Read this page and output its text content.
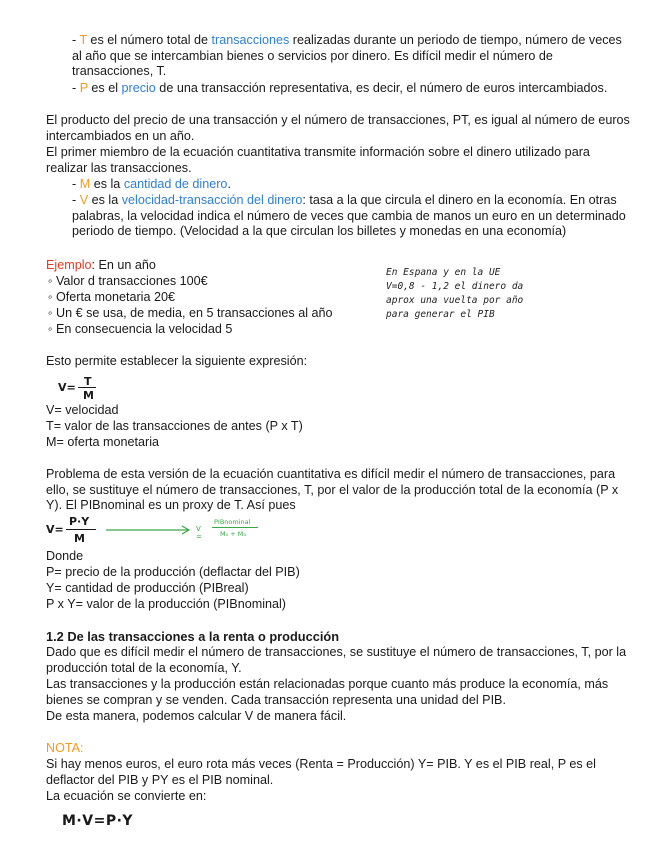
- T es el número total de transacciones realizadas durante un periodo de tiempo, número de veces al año que se intercambian bienes o servicios por dinero. Es difícil medir el número de transacciones, T.

- P es el precio de una transacción representativa, es decir, el número de euros intercambiados.

El producto del precio de una transacción y el número de transacciones, PT, es igual al número de euros intercambiados en un año.

El primer miembro de la ecuación cuantitativa transmite información sobre el dinero utilizado para realizar las transacciones.

- M es la cantidad de dinero.

- V es la velocidad-transacción del dinero: tasa a la que circula el dinero en la economía. En otras palabras, la velocidad indica el número de veces que cambia de manos un euro en un determinado periodo de tiempo. (Velocidad a la que circulan los billetes y monedas en una economía)

Ejemplo: En un año

◦ Valor d transacciones 100€

◦ Oferta monetaria 20€

◦ Un € se usa, de media, en 5 transacciones al año

◦ En consecuencia la velocidad 5

En Espana y en la UE
V=0,8 - 1,2 el dinero da
aprox una vuelta por año
para generar el PIB

Esto permite establecer la siguiente expresión:

V= T
M

V= velocidad

T= valor de las transacciones de antes (P x T)

M= oferta monetaria

Problema de esta versión de la ecuación cuantitativa es difícil medir el número de transacciones, para ello, se sustituye el número de transacciones, T, por el valor de la producción total de la economía (P x Y). El PIBnominal es un proxy de T. Así pues

V=
P·Y
M
V =
PIBnominal
M₀ + M₃

Donde

P= precio de la producción (deflactar del PIB)

Y= cantidad de producción (PIBreal)

P x Y= valor de la producción (PIBnominal)

1.2 De las transacciones a la renta o producción

Dado que es difícil medir el número de transacciones, se sustituye el número de transacciones, T, por la producción total de la economía, Y.

Las transacciones y la producción están relacionadas porque cuanto más produce la economía, más bienes se compran y se venden. Cada transacción representa una unidad del PIB.

De esta manera, podemos calcular V de manera fácil.

NOTA:

Si hay menos euros, el euro rota más veces (Renta = Producción) Y= PIB. Y es el PIB real, P es el deflactor del PIB y PY es el PIB nominal.

La ecuación se convierte en:

M·V=P·Y
